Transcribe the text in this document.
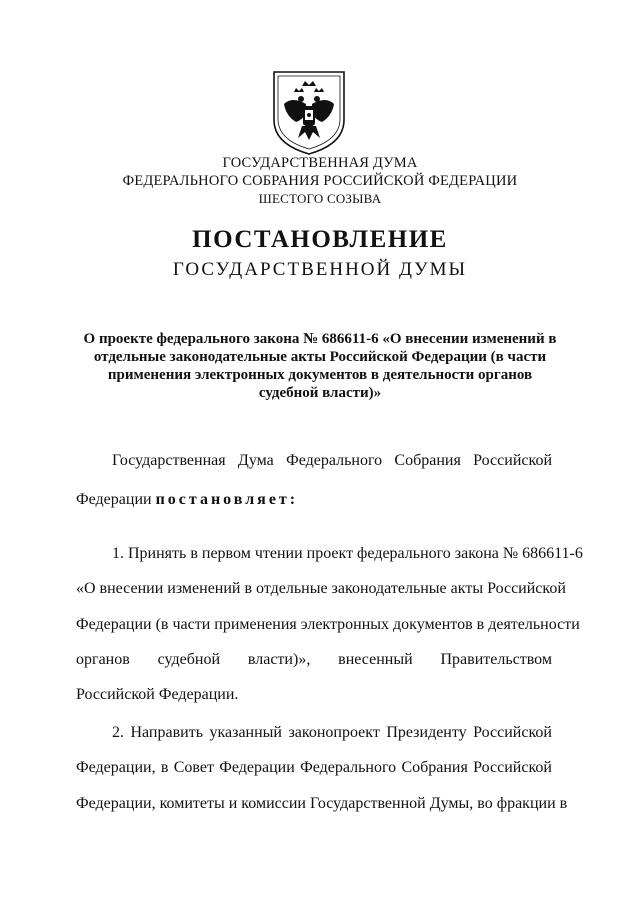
ГОСУДАРСТВЕННАЯ ДУМА
ФЕДЕРАЛЬНОГО СОБРАНИЯ РОССИЙСКОЙ ФЕДЕРАЦИИ
ШЕСТОГО СОЗЫВА
ПОСТАНОВЛЕНИЕ
ГОСУДАРСТВЕННОЙ ДУМЫ
О проекте федерального закона № 686611-6 «О внесении изменений в
отдельные законодательные акты Российской Федерации (в части
применения электронных документов в деятельности органов
судебной власти)»
Государственная Дума Федерального Собрания Российской
Федерации постановляет:
1. Принять в первом чтении проект федерального закона № 686611-6
«О внесении изменений в отдельные законодательные акты Российской
Федерации (в части применения электронных документов в деятельности
органов судебной власти)», внесенный Правительством
Российской Федерации.
2. Направить указанный законопроект Президенту Российской
Федерации, в Совет Федерации Федерального Собрания Российской
Федерации, комитеты и комиссии Государственной Думы, во фракции в
